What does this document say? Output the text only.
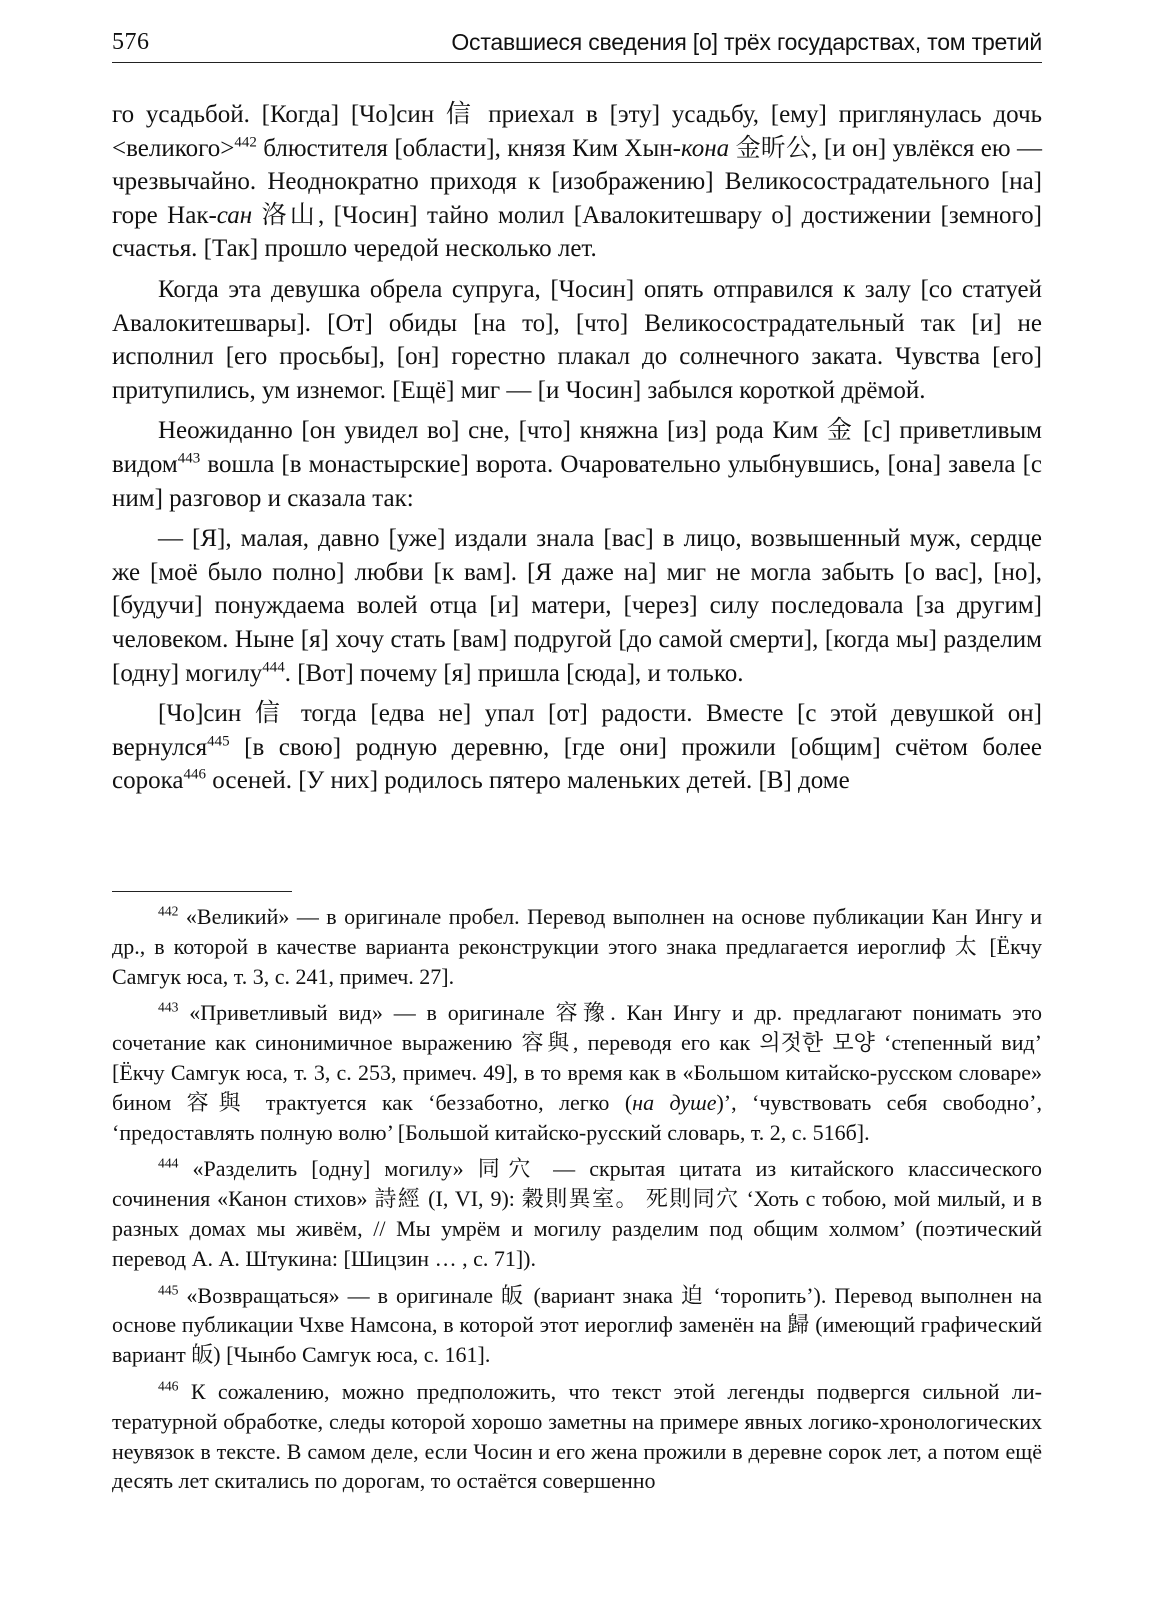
576	Оставшиеся сведения [о] трёх государствах, том третий

го усадьбой. [Когда] [Чо]син 信 приехал в [эту] усадьбу, [ему] приглянулась дочь <великого>$^{442}$ блюстителя [области], князя Ким Хын-кона 金昕公, [и он] увлёкся ею — чрезвычайно. Неоднократно приходя к [изображению] Великосострадательного [на] горе Нак-сан 洛山, [Чосин] тайно молил [Авалокитешвару о] достижении [земного] счастья. [Так] прошло чередой несколько лет.

Когда эта девушка обрела супруга, [Чосин] опять отправился к залу [со статуей Авалокитешвары]. [От] обиды [на то], [что] Великосострадательный так [и] не исполнил [его просьбы], [он] горестно плакал до солнечного заката. Чувства [его] притупились, ум изнемог. [Ещё] миг — [и Чосин] забылся короткой дрёмой.

Неожиданно [он увидел во] сне, [что] княжна [из] рода Ким 金 [с] приветливым видом$^{443}$ вошла [в монастырские] ворота. Очаровательно улыбнувшись, [она] завела [с ним] разговор и сказала так:

— [Я], малая, давно [уже] издали знала [вас] в лицо, возвышенный муж, сердце же [моё было полно] любви [к вам]. [Я даже на] миг не могла забыть [о вас], [но], [будучи] понуждаема волей отца [и] матери, [через] силу последовала [за другим] человеком. Ныне [я] хочу стать [вам] подругой [до самой смерти], [когда мы] разделим [одну] могилу$^{444}$. [Вот] почему [я] пришла [сюда], и только.

[Чо]син 信 тогда [едва не] упал [от] радости. Вместе [с этой девушкой он] вернулся$^{445}$ [в свою] родную деревню, [где они] прожили [общим] счётом более сорока$^{446}$ осеней. [У них] родилось пятеро маленьких детей. [В] доме

$^{442}$ «Великий» — в оригинале пробел. Перевод выполнен на основе публикации Кан Ингу и др., в которой в качестве варианта реконструкции этого знака предлагается иероглиф 太 [Ёкчу Самгук юса, т. 3, с. 241, примеч. 27].

$^{443}$ «Приветливый вид» — в оригинале 容豫. Кан Ингу и др. предлагают понимать это сочетание как синонимичное выражению 容與, переводя его как 의젓한 모양 ‘степенный вид’ [Ёкчу Самгук юса, т. 3, с. 253, примеч. 49], в то время как в «Большом китайско-русском словаре» бином 容與 трактуется как ‘беззаботно, легко (на душе)’, ‘чувствовать себя свободно’, ‘предоставлять полную волю’ [Большой китайско-русский словарь, т. 2, с. 516б].

$^{444}$ «Разделить [одну] могилу» 同穴 — скрытая цитата из китайского классического сочинения «Канон стихов» 詩經 (I, VI, 9): 穀則異室。 死則同穴 ‘Хоть с тобою, мой милый, и в разных домах мы живём, // Мы умрём и могилу разделим под общим холмом’ (поэтический перевод А. А. Штукина: [Шицзин … , с. 71]).

$^{445}$ «Возвращаться» — в оригинале 皈 (вариант знака 迫 ‘торопить’). Перевод выполнен на основе публикации Чхве Намсона, в которой этот иероглиф заменён на 歸 (имеющий графический вариант 皈) [Чынбо Самгук юса, с. 161].

$^{446}$ К сожалению, можно предположить, что текст этой легенды подвергся сильной литературной обработке, следы которой хорошо заметны на примере явных логико-хронологических неувязок в тексте. В самом деле, если Чосин и его жена прожили в деревне сорок лет, а потом ещё десять лет скитались по дорогам, то остаётся совершенно
